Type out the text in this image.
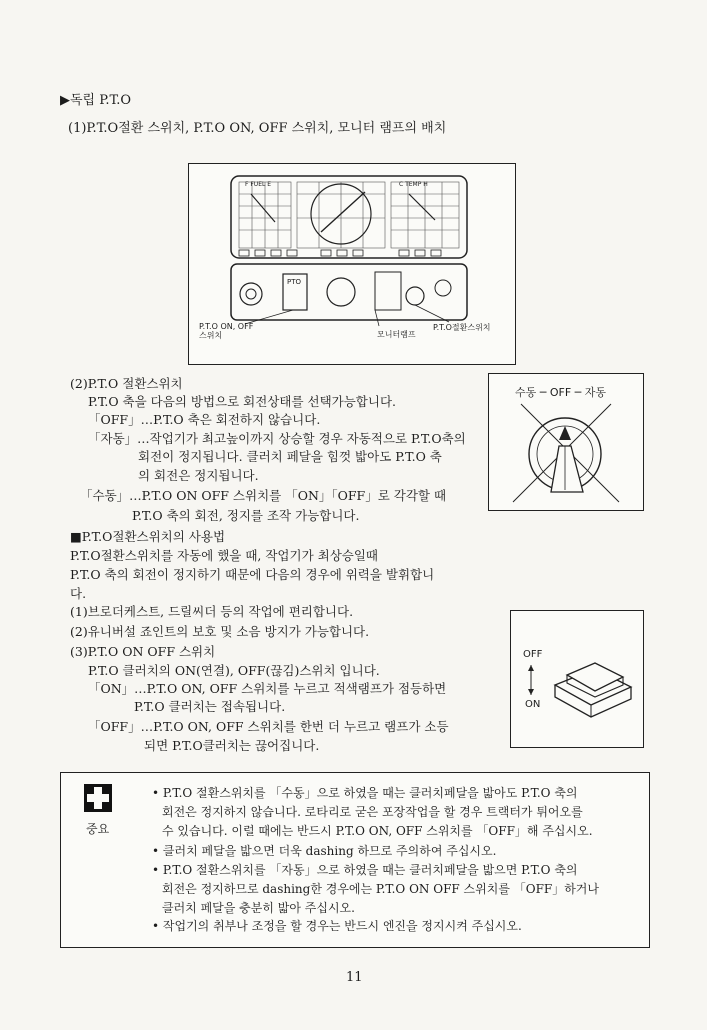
▶독립 P.T.O
(1)P.T.O절환 스위치, P.T.O ON, OFF 스위치, 모니터 램프의 배치
F FUEL E	C TEMP H
PTO
P.T.O ON, OFF
스위치	모니터램프
P.T.O절환스위치
수동 ─ OFF ─ 자동
OFF
ON
(2)P.T.O 절환스위치
P.T.O 축을 다음의 방법으로 회전상태를 선택가능합니다.
「OFF」…P.T.O 축은 회전하지 않습니다.
「자동」…작업기가 최고높이까지 상승할 경우 자동적으로 P.T.O축의
회전이 정지됩니다. 클러치 페달을 힘껏 밟아도 P.T.O 축
의 회전은 정지됩니다.
「수동」…P.T.O ON OFF 스위치를 「ON」「OFF」로 각각할 때
P.T.O 축의 회전, 정지를 조작 가능합니다.
■P.T.O절환스위치의 사용법
P.T.O절환스위치를 자동에 했을 때, 작업기가 최상승일때
P.T.O 축의 회전이 정지하기 때문에 다음의 경우에 위력을 발휘합니
다.
(1)브로더케스트, 드릴씨더 등의 작업에 편리합니다.
(2)유니버설 죠인트의 보호 및 소음 방지가 가능합니다.
(3)P.T.O ON OFF 스위치
P.T.O 클러치의 ON(연결), OFF(끊김)스위치 입니다.
「ON」…P.T.O ON, OFF 스위치를 누르고 적색램프가 점등하면
P.T.O 클러치는 접속됩니다.
「OFF」…P.T.O ON, OFF 스위치를 한번 더 누르고 램프가 소등
되면 P.T.O클러치는 끊어집니다.
중요
• P.T.O 절환스위치를 「수동」으로 하였을 때는 클러치페달을 밟아도 P.T.O 축의
회전은 정지하지 않습니다. 로타리로 굳은 포장작업을 할 경우 트랙터가 튀어오를
수 있습니다. 이럴 때에는 반드시 P.T.O ON, OFF 스위치를 「OFF」해 주십시오.
• 클러치 페달을 밟으면 더욱 dashing 하므로 주의하여 주십시오.
• P.T.O 절환스위치를 「자동」으로 하였을 때는 클러치페달을 밟으면 P.T.O 축의
회전은 정지하므로 dashing한 경우에는 P.T.O ON OFF 스위치를 「OFF」하거나
클러치 페달을 충분히 밟아 주십시오.
• 작업기의 취부나 조정을 할 경우는 반드시 엔진을 정지시켜 주십시오.
11
